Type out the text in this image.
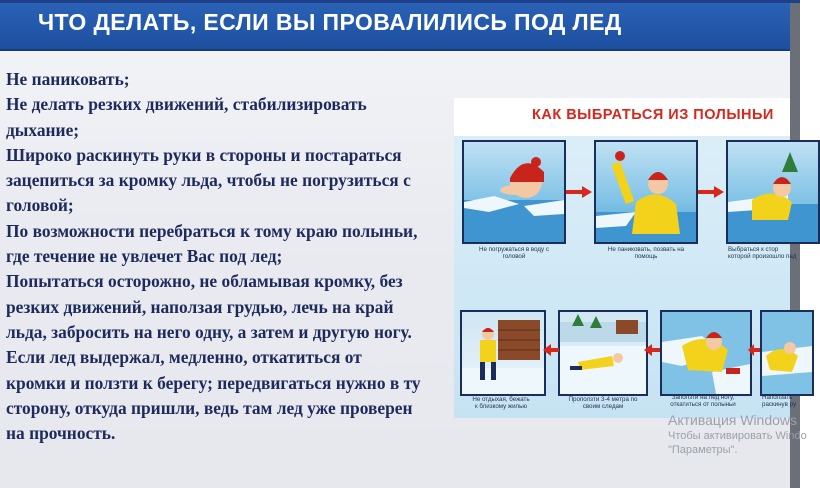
ЧТО ДЕЛАТЬ, ЕСЛИ ВЫ ПРОВАЛИЛИСЬ ПОД ЛЕД
Не паниковать;
Не делать резких движений, стабилизировать
дыхание;
Широко раскинуть руки в стороны и постараться
зацепиться за кромку льда, чтобы не погрузиться с
головой;
По возможности перебраться к тому краю полыньи,
где течение не увлечет Вас под лед;
Попытаться осторожно, не обламывая кромку, без
резких движений, наползая грудью, лечь на край
льда, забросить на него одну, а затем и другую ногу.
Если лед выдержал, медленно, откатиться от
кромки и ползти к берегу; передвигаться нужно в ту
сторону, откуда пришли, ведь там лед уже проверен
на прочность.
КАК ВЫБРАТЬСЯ ИЗ ПОЛЫНЬИ
Не погружаться в воду с
головой
Не паниковать, позвать на
помощь
Выбраться к стор
которой произошло пад
Не отдыхая, бежать
к близкому жилью
Проползти 3-4 метра по
своим следам
Заползти на лед ногу,
откатиться от полыньи
Наползать
раскинув ру
Активация Windows
Чтобы активировать Windo
"Параметры".
